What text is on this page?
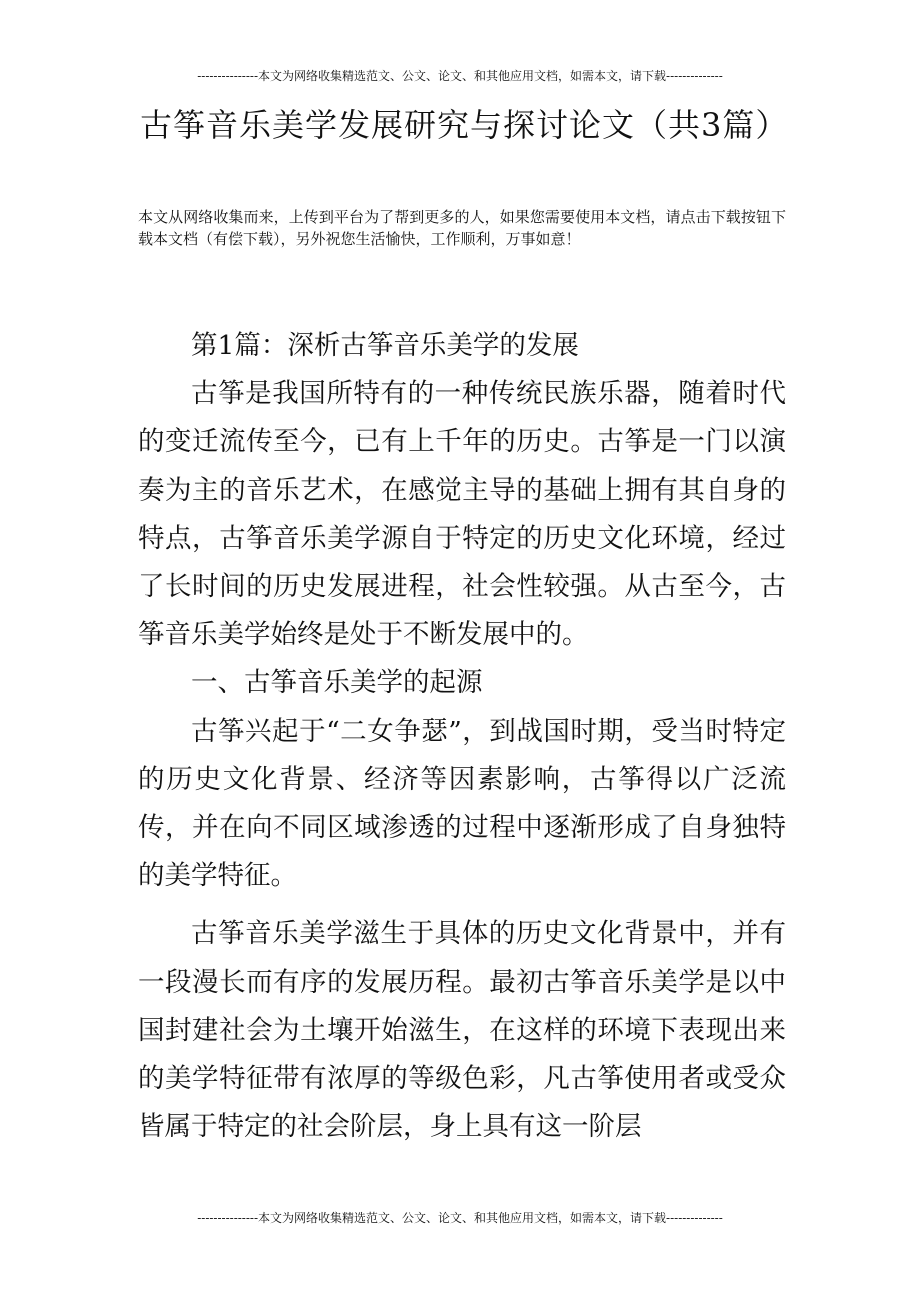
---------------本文为网络收集精选范文、公文、论文、和其他应用文档，如需本文，请下载--------------
古筝音乐美学发展研究与探讨论文（共3篇）
本文从网络收集而来，上传到平台为了帮到更多的人，如果您需要使用本文档，请点击下载按钮下载本文档（有偿下载），另外祝您生活愉快，工作顺利，万事如意！

第1篇：深析古筝音乐美学的发展

古筝是我国所特有的一种传统民族乐器，随着时代的变迁流传至今，已有上千年的历史。古筝是一门以演奏为主的音乐艺术，在感觉主导的基础上拥有其自身的特点，古筝音乐美学源自于特定的历史文化环境，经过了长时间的历史发展进程，社会性较强。从古至今，古筝音乐美学始终是处于不断发展中的。

一、古筝音乐美学的起源

古筝兴起于“二女争瑟”，到战国时期，受当时特定的历史文化背景、经济等因素影响，古筝得以广泛流传，并在向不同区域渗透的过程中逐渐形成了自身独特的美学特征。

古筝音乐美学滋生于具体的历史文化背景中，并有一段漫长而有序的发展历程。最初古筝音乐美学是以中国封建社会为土壤开始滋生，在这样的环境下表现出来的美学特征带有浓厚的等级色彩，凡古筝使用者或受众皆属于特定的社会阶层，身上具有这一阶层

---------------本文为网络收集精选范文、公文、论文、和其他应用文档，如需本文，请下载--------------
